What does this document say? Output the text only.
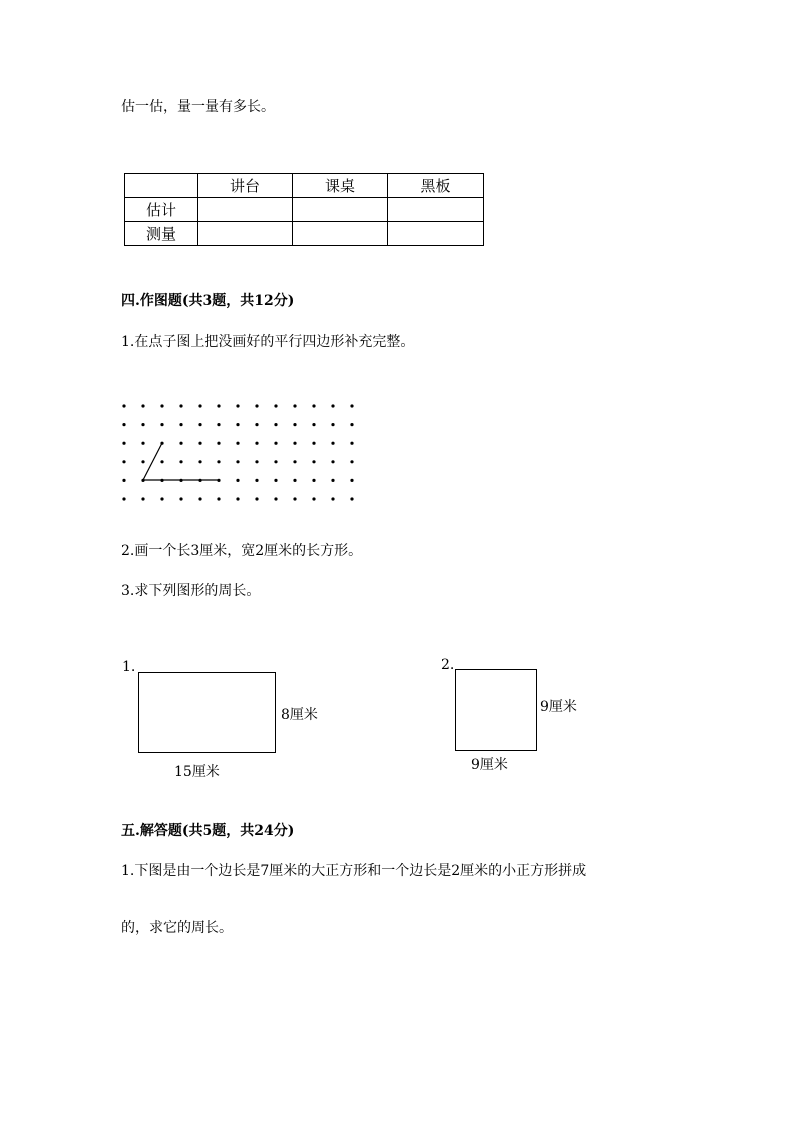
估一估，量一量有多长。
	讲台	课桌	黑板
估计			
测量			
四.作图题(共3题，共12分)
1.在点子图上把没画好的平行四边形补充完整。
2.画一个长3厘米，宽2厘米的长方形。
3.求下列图形的周长。
1.
8厘米
15厘米
2.
9厘米
9厘米
五.解答题(共5题，共24分)
1.下图是由一个边长是7厘米的大正方形和一个边长是2厘米的小正方形拼成
的，求它的周长。
